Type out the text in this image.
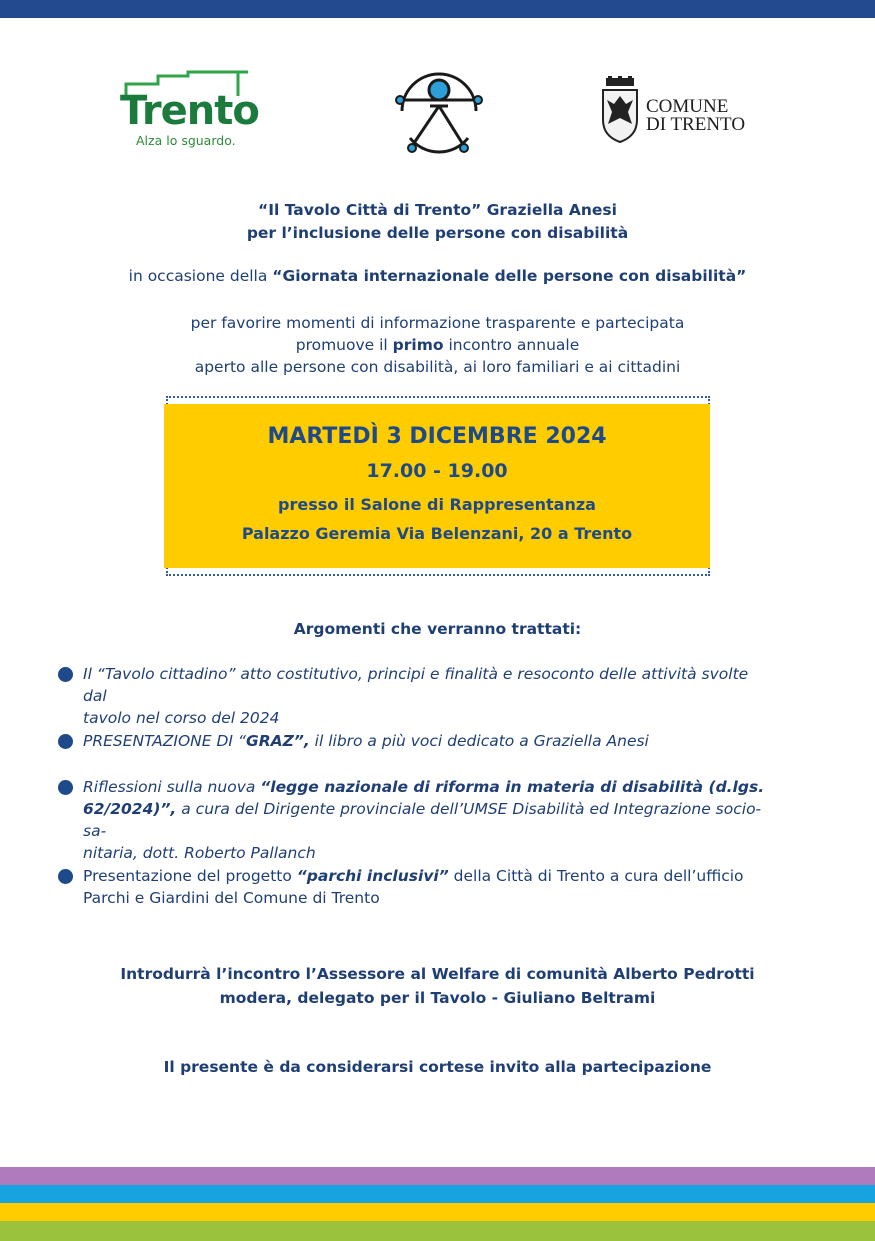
Trento
Alza lo sguardo.
COMUNE
DI TRENTO
“Il Tavolo Città di Trento” Graziella Anesi
per l’inclusione delle persone con disabilità
in occasione della “Giornata internazionale delle persone con disabilità”
per favorire momenti di informazione trasparente e partecipata
promuove il primo incontro annuale
aperto alle persone con disabilità, ai loro familiari e ai cittadini
MARTEDÌ 3 DICEMBRE 2024
17.00 - 19.00
presso il Salone di Rappresentanza
Palazzo Geremia Via Belenzani, 20 a Trento
Argomenti che verranno trattati:
Il “Tavolo cittadino” atto costitutivo, principi e finalità e resoconto delle attività svolte dal
tavolo nel corso del 2024
PRESENTAZIONE DI “GRAZ”, il libro a più voci dedicato a Graziella Anesi
Riflessioni sulla nuova “legge nazionale di riforma in materia di disabilità (d.lgs.
62/2024)”, a cura del Dirigente provinciale dell’UMSE Disabilità ed Integrazione socio-sa-
nitaria, dott. Roberto Pallanch
Presentazione del progetto “parchi inclusivi” della Città di Trento a cura dell’ufficio
Parchi e Giardini del Comune di Trento
Introdurrà l’incontro l’Assessore al Welfare di comunità Alberto Pedrotti
modera, delegato per il Tavolo - Giuliano Beltrami
Il presente è da considerarsi cortese invito alla partecipazione
